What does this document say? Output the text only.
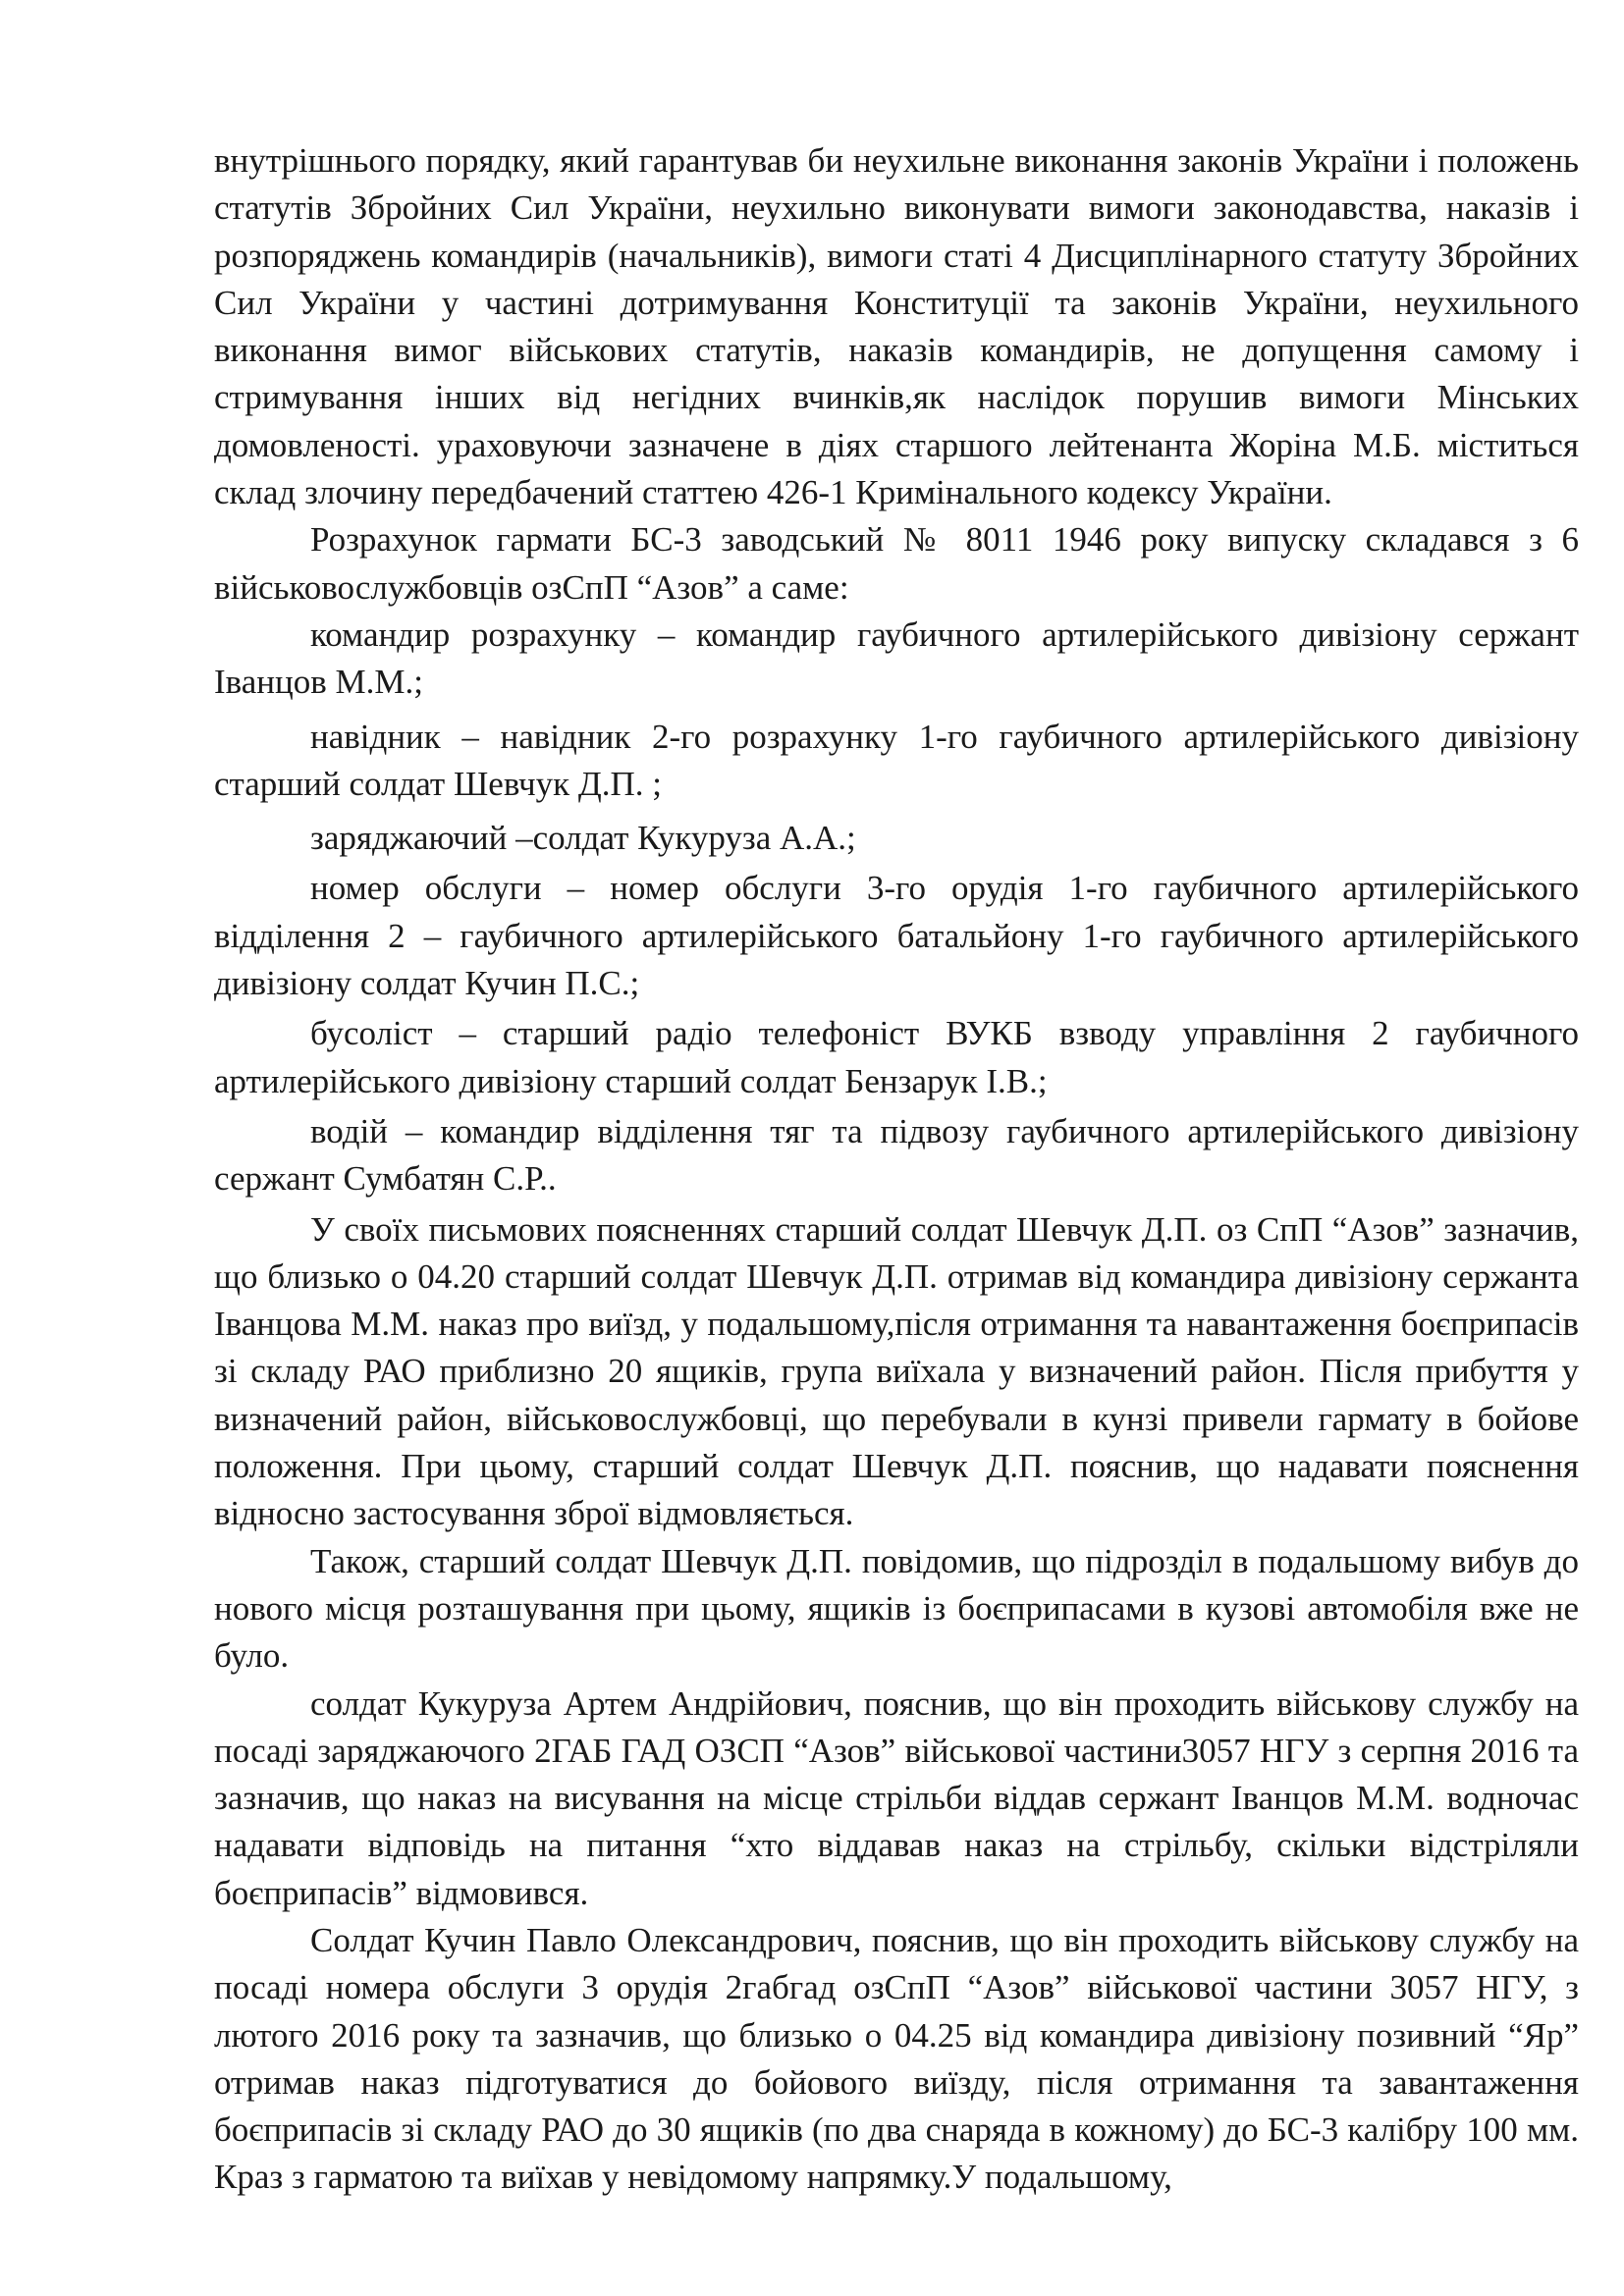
внутрішнього порядку, який гарантував би неухильне виконання законів України і положень статутів Збройних Сил України, неухильно виконувати вимоги законодавства, наказів і розпоряджень командирів (начальників), вимоги статі 4 Дисциплінарного статуту Збройних Сил України у частині дотримування Конституції та законів України, неухильного виконання вимог військових статутів, наказів командирів, не допущення самому і стримування інших від негідних вчинків,як наслідок порушив вимоги Мінських домовленості. ураховуючи зазначене в діях старшого лейтенанта Жоріна М.Б. міститься склад злочину передбачений статтею 426-1 Кримінального кодексу України.

Розрахунок гармати БС-3 заводський № 8011 1946 року випуску складався з 6 військовослужбовців озСпП “Азов” а саме:

командир розрахунку – командир гаубичного артилерійського дивізіону сержант Іванцов М.М.;

навідник – навідник 2-го розрахунку 1-го гаубичного артилерійського дивізіону старший солдат Шевчук Д.П. ;

заряджаючий –солдат Кукуруза А.А.;

номер обслуги – номер обслуги 3-го орудія 1-го гаубичного артилерійського відділення 2 – гаубичного артилерійського батальйону 1-го гаубичного артилерійського дивізіону солдат Кучин П.С.;

бусоліст – старший радіо телефоніст ВУКБ взводу управління 2 гаубичного артилерійського дивізіону старший солдат Бензарук І.В.;

водій – командир відділення тяг та підвозу гаубичного артилерійського дивізіону сержант Сумбатян С.Р..

У своїх письмових поясненнях старший солдат Шевчук Д.П. оз СпП “Азов” зазначив, що близько о 04.20 старший солдат Шевчук Д.П. отримав від командира дивізіону сержанта Іванцова М.М. наказ про виїзд, у подальшому,після отримання та навантаження боєприпасів зі складу РАО приблизно 20 ящиків, група виїхала у визначений район. Після прибуття у визначений район, військовослужбовці, що перебували в кунзі привели гармату в бойове положення. При цьому, старший солдат Шевчук Д.П. пояснив, що надавати пояснення відносно застосування зброї відмовляється.

Також, старший солдат Шевчук Д.П. повідомив, що підрозділ в подальшому вибув до нового місця розташування при цьому, ящиків із боєприпасами в кузові автомобіля вже не було.

солдат Кукуруза Артем Андрійович, пояснив, що він проходить військову службу на посаді заряджаючого 2ГАБ ГАД ОЗСП “Азов” військової частини3057 НГУ з серпня 2016 та зазначив, що наказ на висування на місце стрільби віддав сержант Іванцов М.М. водночас надавати відповідь на питання “хто віддавав наказ на стрільбу, скільки відстріляли боєприпасів” відмовився.

Солдат Кучин Павло Олександрович, пояснив, що він проходить військову службу на посаді номера обслуги 3 орудія 2габгад озСпП “Азов” військової частини 3057 НГУ, з лютого 2016 року та зазначив, що близько о 04.25 від командира дивізіону позивний “Яр” отримав наказ підготуватися до бойового виїзду, після отримання та завантаження боєприпасів зі складу РАО до 30 ящиків (по два снаряда в кожному) до БС-3 калібру 100 мм. Краз з гарматою та виїхав у невідомому напрямку.У подальшому,
